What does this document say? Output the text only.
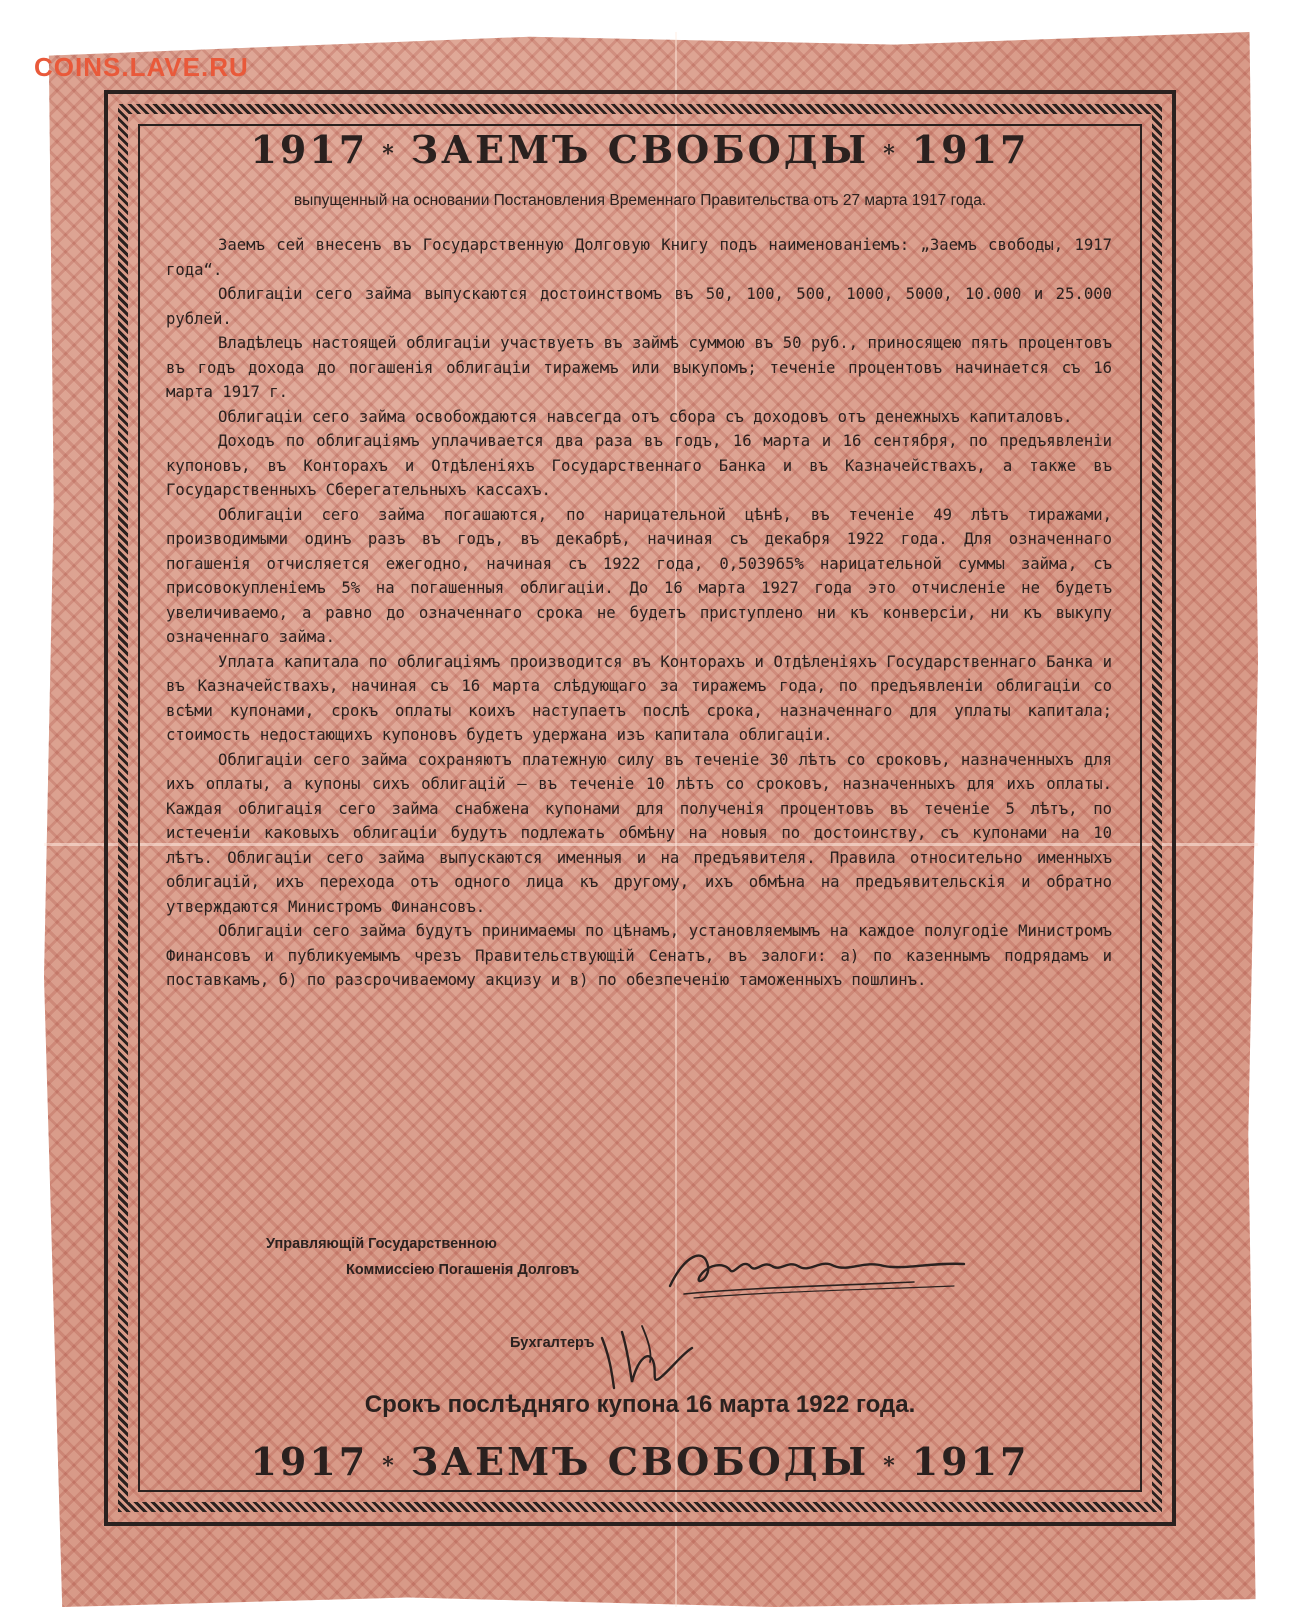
COINS.LAVE.RU
1917 * ЗАЕМЪ СВОБОДЫ * 1917
выпущенный на основании Постановления Временнаго Правительства отъ 27 марта 1917 года.

Заемъ сей внесенъ въ Государственную Долговую Книгу подъ наименованіемъ: „Заемъ свободы, 1917 года“.

Облигаціи сего займа выпускаются достоинствомъ въ 50, 100, 500, 1000, 5000, 10.000 и 25.000 рублей.

Владѣлецъ настоящей облигаціи участвуетъ въ займѣ суммою въ 50 руб., приносящею пять процентовъ въ годъ дохода до погашенія облигаціи тиражемъ или выкупомъ; теченіе процентовъ начинается съ 16 марта 1917 г.

Облигаціи сего займа освобождаются навсегда отъ сбора съ доходовъ отъ денежныхъ капиталовъ.

Доходъ по облигаціямъ уплачивается два раза въ годъ, 16 марта и 16 сентября, по предъявленіи купоновъ, въ Конторахъ и Отдѣленіяхъ Государственнаго Банка и въ Казначействахъ, а также въ Государственныхъ Сберегательныхъ кассахъ.

Облигаціи сего займа погашаются, по нарицательной цѣнѣ, въ теченіе 49 лѣтъ тиражами, производимыми одинъ разъ въ годъ, въ декабрѣ, начиная съ декабря 1922 года. Для означеннаго погашенія отчисляется ежегодно, начиная съ 1922 года, 0,503965% нарицательной суммы займа, съ присовокупленіемъ 5% на погашенныя облигаціи. До 16 марта 1927 года это отчисленіе не будетъ увеличиваемо, а равно до означеннаго срока не будетъ приступлено ни къ конверсіи, ни къ выкупу означеннаго займа.

Уплата капитала по облигаціямъ производится въ Конторахъ и Отдѣленіяхъ Государственнаго Банка и въ Казначействахъ, начиная съ 16 марта слѣдующаго за тиражемъ года, по предъявленіи облигаціи со всѣми купонами, срокъ оплаты коихъ наступаетъ послѣ срока, назначеннаго для уплаты капитала; стоимость недостающихъ купоновъ будетъ удержана изъ капитала облигаціи.

Облигаціи сего займа сохраняютъ платежную силу въ теченіе 30 лѣтъ со сроковъ, назначенныхъ для ихъ оплаты, а купоны сихъ облигацій — въ теченіе 10 лѣтъ со сроковъ, назначенныхъ для ихъ оплаты. Каждая облигація сего займа снабжена купонами для полученія процентовъ въ теченіе 5 лѣтъ, по истеченіи каковыхъ облигаціи будутъ подлежать обмѣну на новыя по достоинству, съ купонами на 10 лѣтъ. Облигаціи сего займа выпускаются именныя и на предъявителя. Правила относительно именныхъ облигацій, ихъ перехода отъ одного лица къ другому, ихъ обмѣна на предъявительскія и обратно утверждаются Министромъ Финансовъ.

Облигаціи сего займа будутъ принимаемы по цѣнамъ, установляемымъ на каждое полугодіе Министромъ Финансовъ и публикуемымъ чрезъ Правительствующій Сенатъ, въ залоги: а) по казеннымъ подрядамъ и поставкамъ, б) по разсрочиваемому акцизу и в) по обезпеченію таможенныхъ пошлинъ.

Управляющій Государственною
Коммиссіею Погашенія Долговъ
Бухгалтеръ
Срокъ послѣдняго купона 16 марта 1922 года.
1917 * ЗАЕМЪ СВОБОДЫ * 1917
